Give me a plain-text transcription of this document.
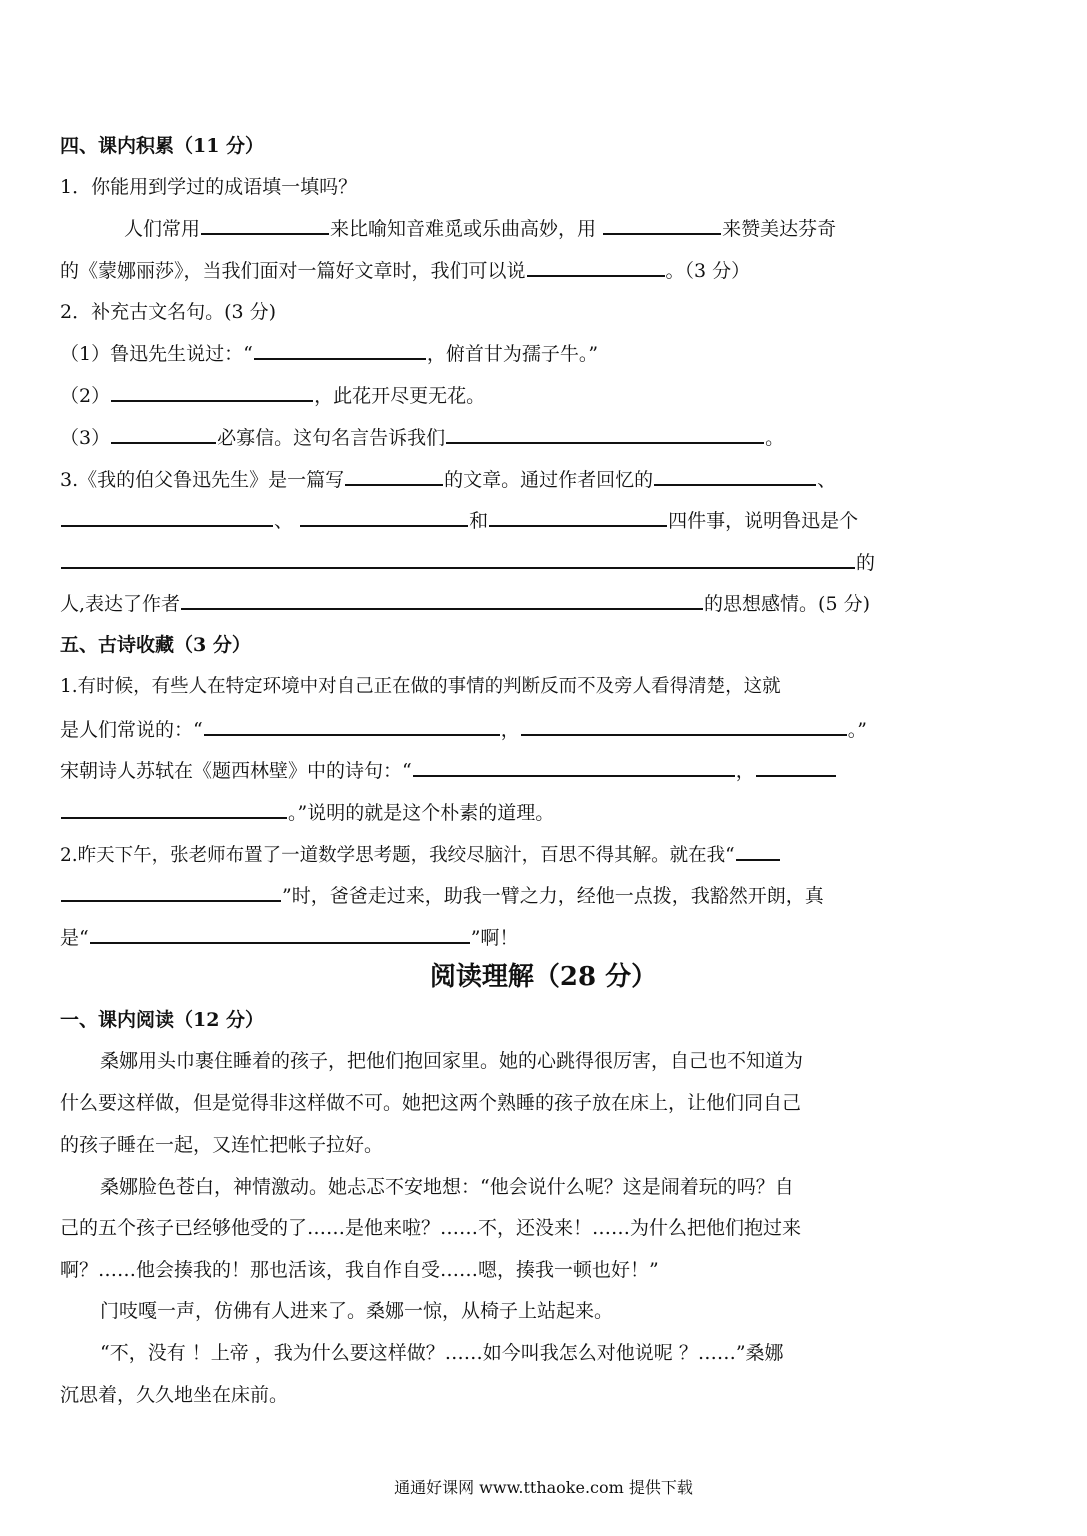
四、课内积累（11 分）
1．你能用到学过的成语填一填吗？
人们常用	来比喻知音难觅或乐曲高妙，用	来赞美达芬奇
的《蒙娜丽莎》，当我们面对一篇好文章时，我们可以说	。（3 分）
2．补充古文名句。(3 分)
（1）鲁迅先生说过：“	，俯首甘为孺子牛。”
（2）	，此花开尽更无花。
（3）	必寡信。这句名言告诉我们	。
3.《我的伯父鲁迅先生》是一篇写	的文章。通过作者回忆的	、
、	和	四件事，说明鲁迅是个
的
人,表达了作者	的思想感情。(5 分)
五、古诗收藏（3 分）
1.有时候，有些人在特定环境中对自己正在做的事情的判断反而不及旁人看得清楚，这就
是人们常说的：“	，	。”
宋朝诗人苏轼在《题西林壁》中的诗句：“	，
。”说明的就是这个朴素的道理。
2.昨天下午，张老师布置了一道数学思考题，我绞尽脑汁，百思不得其解。就在我“
”时，爸爸走过来，助我一臂之力，经他一点拨，我豁然开朗，真
是“	”啊！
阅读理解（28 分）
一、课内阅读（12 分）
桑娜用头巾裹住睡着的孩子，把他们抱回家里。她的心跳得很厉害，自己也不知道为
什么要这样做，但是觉得非这样做不可。她把这两个熟睡的孩子放在床上，让他们同自己
的孩子睡在一起，又连忙把帐子拉好。
桑娜脸色苍白，神情激动。她忐忑不安地想：“他会说什么呢？这是闹着玩的吗？自
己的五个孩子已经够他受的了……是他来啦？……不，还没来！……为什么把他们抱过来
啊？……他会揍我的！那也活该，我自作自受……嗯，揍我一顿也好！”
门吱嘎一声，仿佛有人进来了。桑娜一惊，从椅子上站起来。
“不，没有 ！上帝 ，我为什么要这样做？……如今叫我怎么对他说呢 ？……”桑娜
沉思着，久久地坐在床前。
通通好课网 www.tthaoke.com 提供下载
